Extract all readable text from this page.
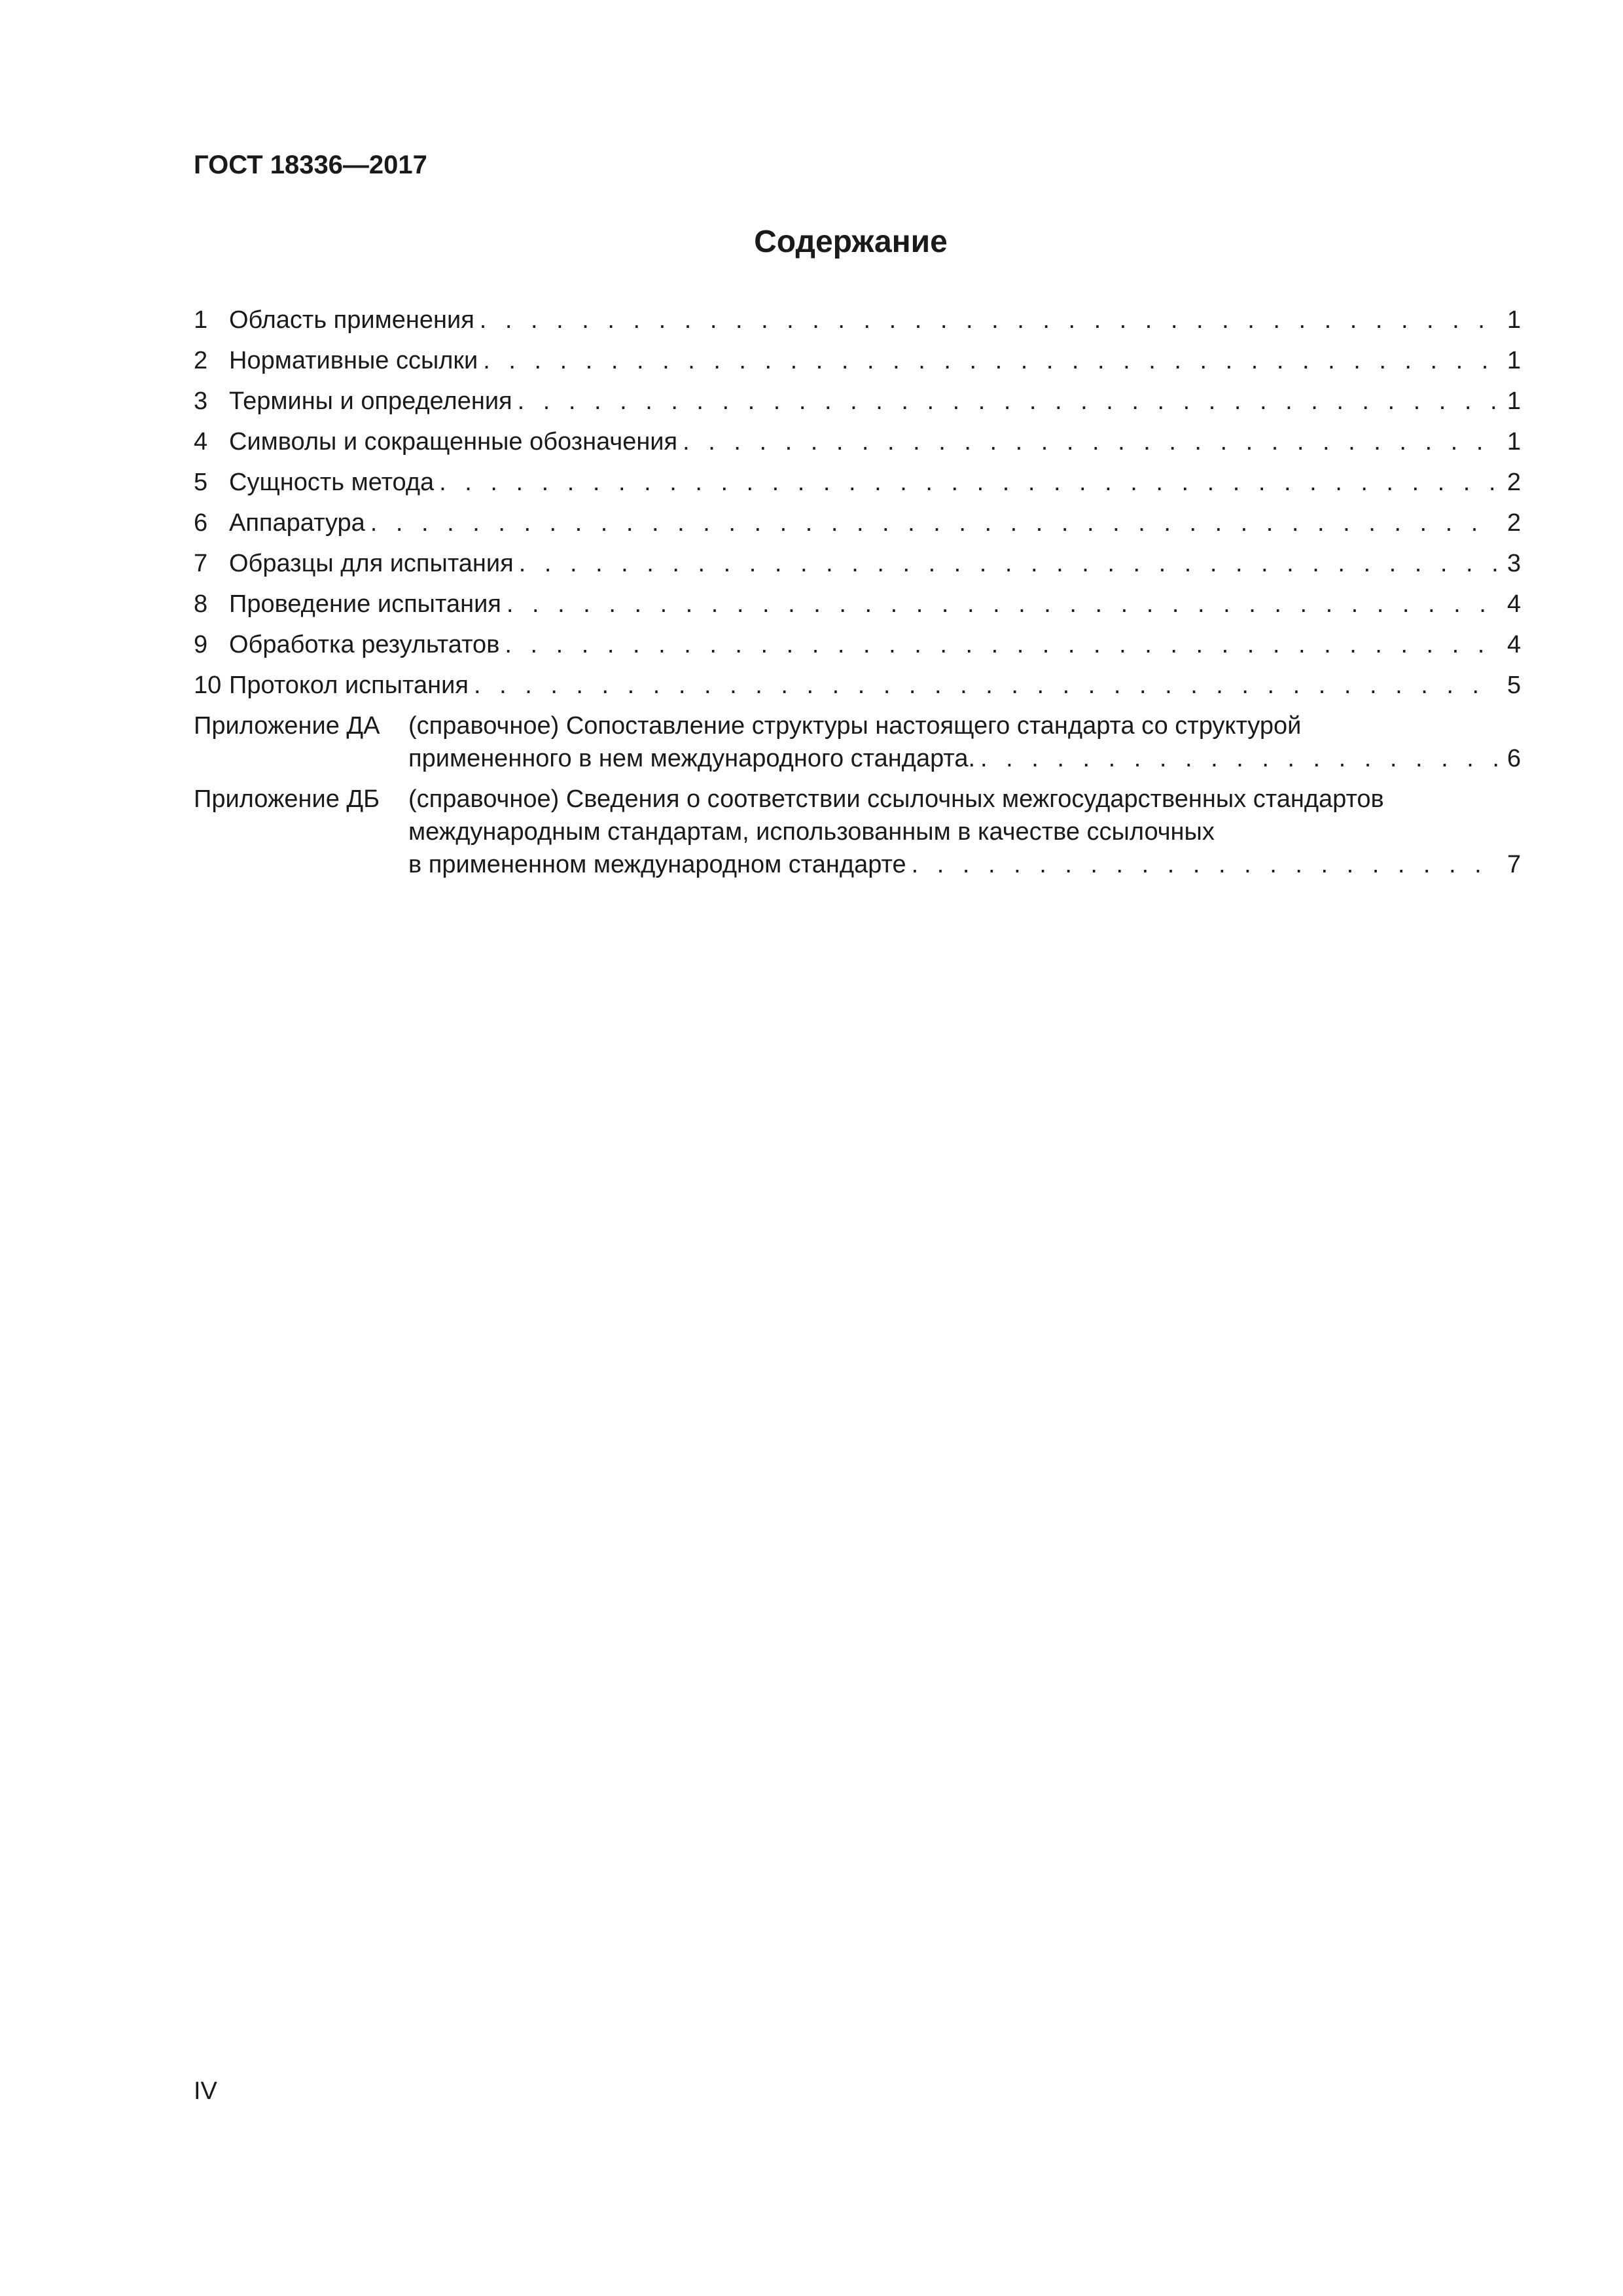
ГОСТ 18336—2017
Содержание
1 Область применения . . .	1
2 Нормативные ссылки . . .	1
3 Термины и определения . . .	1
4 Символы и сокращенные обозначения . . .	1
5 Сущность метода . . .	2
6 Аппаратура . . .	2
7 Образцы для испытания . . .	3
8 Проведение испытания . . .	4
9 Обработка результатов . . .	4
10 Протокол испытания . . .	5
Приложение ДА	(справочное) Сопоставление структуры настоящего стандарта со структурой
примененного в нем международного стандарта. . . .	6
Приложение ДБ	(справочное) Сведения о соответствии ссылочных межгосударственных стандартов
международным стандартам, использованным в качестве ссылочных
в примененном международном стандарте . . .	7
IV
